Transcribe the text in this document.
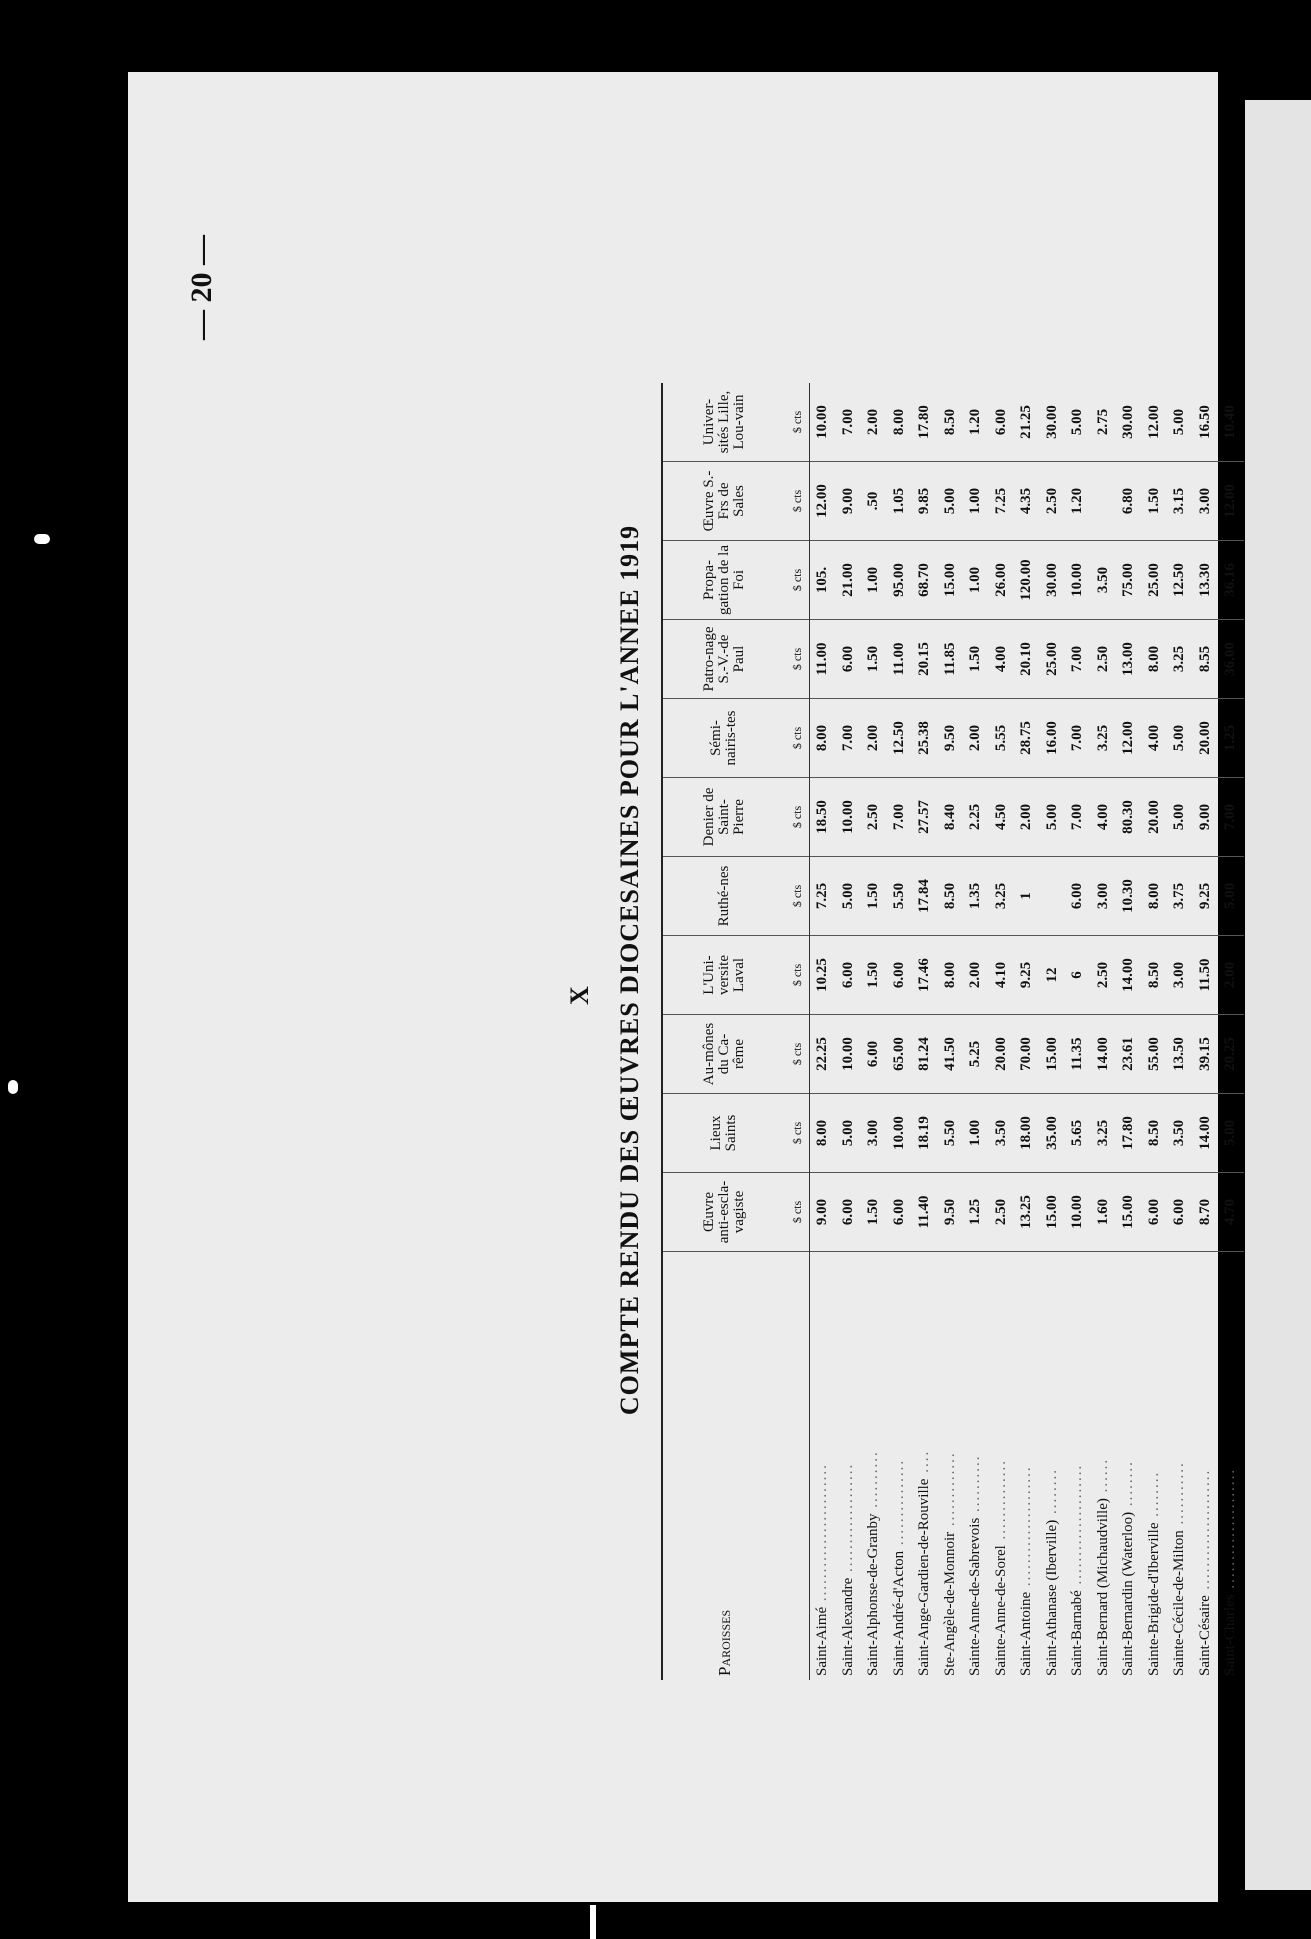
— 20 —
X COMPTE RENDU DES ŒUVRES DIOCESAINES POUR L'ANNEE 1919
Paroisses	Œuvre anti-escla-vagiste	Lieux Saints	Au-mônes du Ca-rême	L'Uni-versite Laval	Ruthé-nes	Denier de Saint-Pierre	Sémi-nairis-tes	Patro-nage S.-V.-de Paul	Propa-gation de la Foi	Œuvre S.-Frs de Sales	Univer-sités Lille, Lou-vain
	$ cts	$ cts	$ cts	$ cts	$ cts	$ cts	$ cts	$ cts	$ cts	$ cts	$ cts
Saint-Aimé ........................	9.00	8.00	22.25	10.25	7.25	18.50	8.00	11.00	105.	12.00	10.00
Saint-Alexandre ...................	6.00	5.00	10.00	6.00	5.00	10.00	7.00	6.00	21.00	9.00	7.00
Saint-Alphonse-de-Granby ..........	1.50	3.00	6.00	1.50	1.50	2.50	2.00	1.50	1.00	.50	2.00
Saint-André-d'Acton ...............	6.00	10.00	65.00	6.00	5.50	7.00	12.50	11.00	95.00	1.05	8.00
Saint-Ange-Gardien-de-Rouville ....	11.40	18.19	81.24	17.46	17.84	27.57	25.38	20.15	68.70	9.85	17.80
Ste-Angèle-de-Monnoir .............	9.50	5.50	41.50	8.00	8.50	8.40	9.50	11.85	15.00	5.00	8.50
Sainte-Anne-de-Sabrevois ..........	1.25	1.00	5.25	2.00	1.35	2.25	2.00	1.50	1.00	1.00	1.20
Sainte-Anne-de-Sorel ..............	2.50	3.50	20.00	4.10	3.25	4.50	5.55	4.00	26.00	7.25	6.00
Saint-Antoine .....................	13.25	18.00	70.00	9.25	1	2.00	28.75	20.10	120.00	4.35	21.25
Saint-Athanase (Iberville) ........	15.00	35.00	15.00	12		5.00	16.00	25.00	30.00	2.50	30.00
Saint-Barnabé .....................	10.00	5.65	11.35	6	6.00	7.00	7.00	7.00	10.00	1.20	5.00
Saint-Bernard (Michaudville) ......	1.60	3.25	14.00	2.50	3.00	4.00	3.25	2.50	3.50		2.75
Saint-Bernardin (Waterloo) ........	15.00	17.80	23.61	14.00	10.30	80.30	12.00	13.00	75.00	6.80	30.00
Sainte-Brigide-d'Iberville ........	6.00	8.50	55.00	8.50	8.00	20.00	4.00	8.00	25.00	1.50	12.00
Sainte-Cécile-de-Milton ...........	6.00	3.50	13.50	3.00	3.75	5.00	5.00	3.25	12.50	3.15	5.00
Saint-Césaire .....................	8.70	14.00	39.15	11.50	9.25	9.00	20.00	8.55	13.30	3.00	16.50
Saint-Charles .....................	4.70	5.00	20.25	2.00	5.00	7.00	1.25	36.00	36.16	12.00	10.40
